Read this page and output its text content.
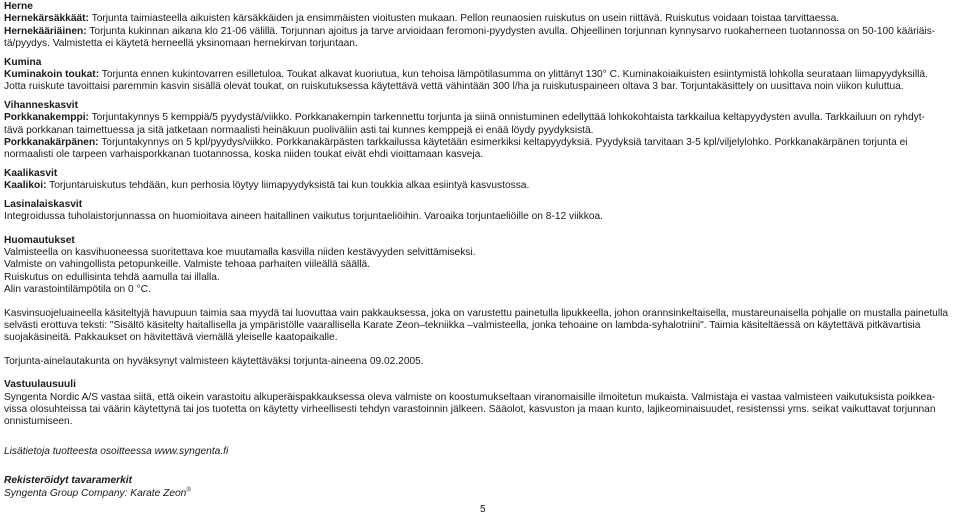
Herne
Hernekärsäkkäät: Torjunta taimiasteella aikuisten kärsäkkäiden ja ensimmäisten vioitusten mukaan. Pellon reunaosien ruiskutus on usein riittävä. Ruiskutus voidaan toistaa tarvittaessa.
Hernekääriäinen: Torjunta kukinnan aikana klo 21-06 välillä. Torjunnan ajoitus ja tarve arvioidaan feromoni-pyydysten avulla. Ohjeellinen torjunnan kynnysarvo ruokaherneen tuotannossa on 50-100 kääriäis-
tä/pyydys. Valmistetta ei käytetä herneellä yksinomaan hernekirvan torjuntaan.
Kumina
Kuminakoin toukat: Torjunta ennen kukintovarren esilletuloa. Toukat alkavat kuoriutua, kun tehoisa lämpötilasumma on ylittänyt 130° C. Kuminakoiaikuisten esiintymistä lohkolla seurataan liimapyydyksillä.
Jotta ruiskute tavoittaisi paremmin kasvin sisällä olevat toukat, on ruiskutuksessa käytettävä vettä vähintään 300 l/ha ja ruiskutuspaineen oltava 3 bar. Torjuntakäsittely on uusittava noin viikon kuluttua.
Vihanneskasvit
Porkkanakemppi: Torjuntakynnys 5 kemppiä/5 pyydystä/viikko. Porkkanakempin tarkennettu torjunta ja siinä onnistuminen edellyttää lohkokohtaista tarkkailua keltapyydysten avulla. Tarkkailuun on ryhdyt-
tävä porkkanan taimettuessa ja sitä jatketaan normaalisti heinäkuun puoliväliin asti tai kunnes kemppejä ei enää löydy pyydyksistä.
Porkkanakärpänen: Torjuntakynnys on 5 kpl/pyydys/viikko. Porkkanakärpästen tarkkailussa käytetään esimerkiksi keltapyydyksiä. Pyydyksiä tarvitaan 3-5 kpl/viljelylohko. Porkkanakärpänen torjunta ei
normaalisti ole tarpeen varhaisporkkanan tuotannossa, koska niiden toukat eivät ehdi vioittamaan kasveja.
Kaalikasvit
Kaalikoi: Torjuntaruiskutus tehdään, kun perhosia löytyy liimapyydyksistä tai kun toukkia alkaa esiintyä kasvustossa.
Lasinalaiskasvit
Integroidussa tuholaistorjunnassa on huomioitava aineen haitallinen vaikutus torjuntaeliöihin. Varoaika torjuntaeliöille on 8-12 viikkoa.
Huomautukset
Valmisteella on kasvihuoneessa suoritettava koe muutamalla kasvilla niiden kestävyyden selvittämiseksi.
Valmiste on vahingollista petopunkeille. Valmiste tehoaa parhaiten viileällä säällä.
Ruiskutus on edullisinta tehdä aamulla tai illalla.
Alin varastointilämpötila on 0 °C.
Kasvinsuojeluaineella käsiteltyjä havupuun taimia saa myydä tai luovuttaa vain pakkauksessa, joka on varustettu painetulla lipukkeella, johon orannsinkeltaisella, mustareunaisella pohjalle on mustalla painetulla
selvästi erottuva teksti: "Sisältö käsitelty haitallisella ja ympäristölle vaarallisella Karate Zeon–tekniikka –valmisteella, jonka tehoaine on lambda-syhalotriini". Taimia käsiteltäessä on käytettävä pitkävartisia
suojakäsineitä. Pakkaukset on hävitettävä viemällä yleiselle kaatopaikalle.
Torjunta-ainelautakunta on hyväksynyt valmisteen käytettäväksi torjunta-aineena 09.02.2005.
Vastuulausuuli
Syngenta Nordic A/S vastaa siitä, että oikein varastoitu alkuperäispakkauksessa oleva valmiste on koostumukseltaan viranomaisille ilmoitetun mukaista. Valmistaja ei vastaa valmisteen vaikutuksista poikkea-
vissa olosuhteissa tai väärin käytettynä tai jos tuotetta on käytetty virheellisesti tehdyn varastoinnin jälkeen. Sääolot, kasvuston ja maan kunto, lajikeominaisuudet, resistenssi yms. seikat vaikuttavat torjunnan
onnistumiseen.
Lisätietoja tuotteesta osoitteessa www.syngenta.fi
Rekisteröidyt tavaramerkit
Syngenta Group Company: Karate Zeon®
5
